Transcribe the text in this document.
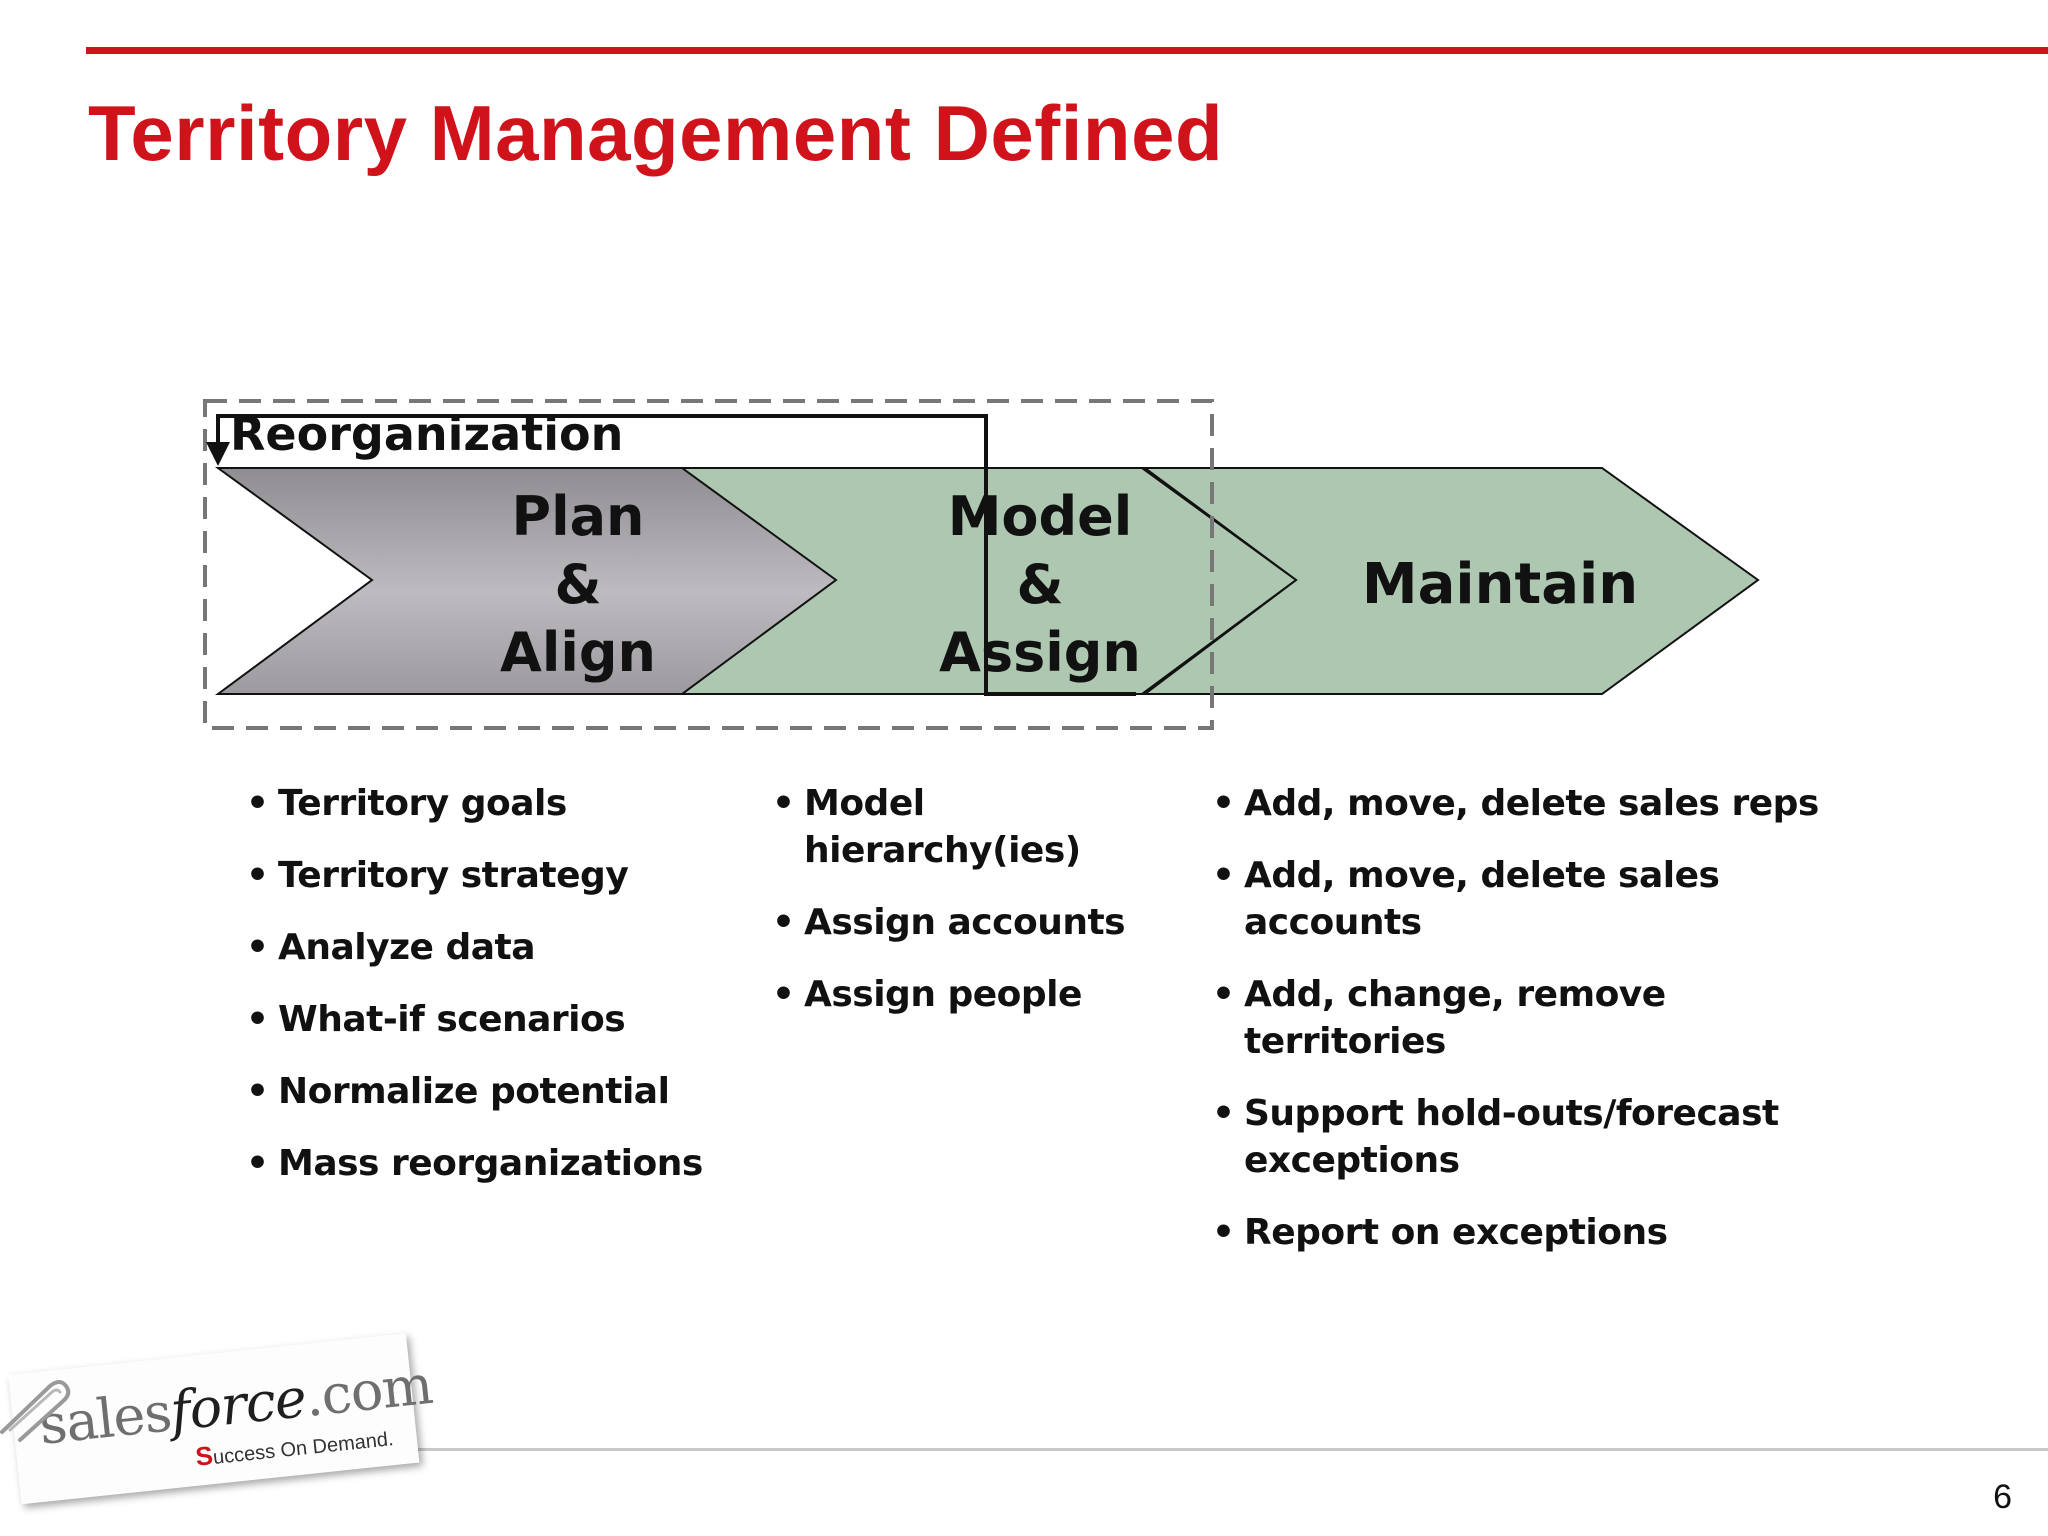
Territory Management Defined
Reorganization
Plan
&
Align
Model
&
Assign
Maintain
• Territory goals
• Territory strategy
• Analyze data
• What-if scenarios
• Normalize potential
• Mass reorganizations
• Model hierarchy(ies)
• Assign accounts
• Assign people
• Add, move, delete sales reps
• Add, move, delete sales accounts
• Add, change, remove territories
• Support hold-outs/forecast exceptions
• Report on exceptions
salesforce.com
Success On Demand.

6
